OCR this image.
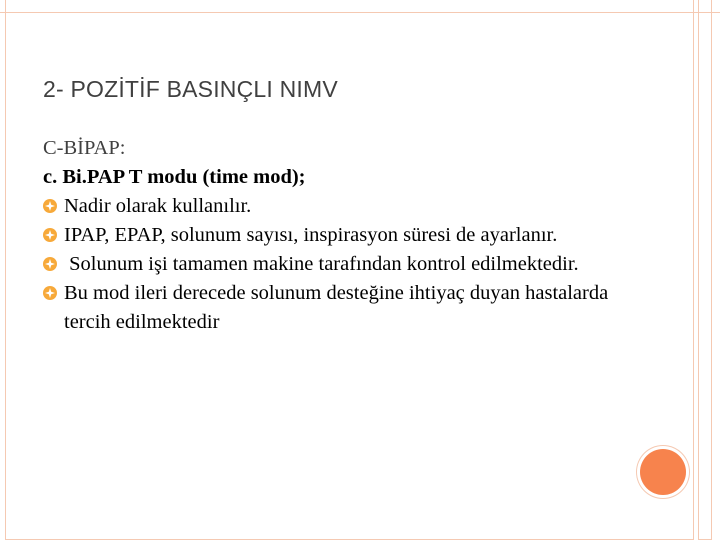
2- POZİTİF BASINÇLI NIMV
C-BİPAP:
c. Bi.PAP T modu (time mod);
Nadir olarak kullanılır.
IPAP, EPAP, solunum sayısı, inspirasyon süresi de ayarlanır.
Solunum işi tamamen makine tarafından kontrol edilmektedir.
Bu mod ileri derecede solunum desteğine ihtiyaç duyan hastalarda tercih edilmektedir
